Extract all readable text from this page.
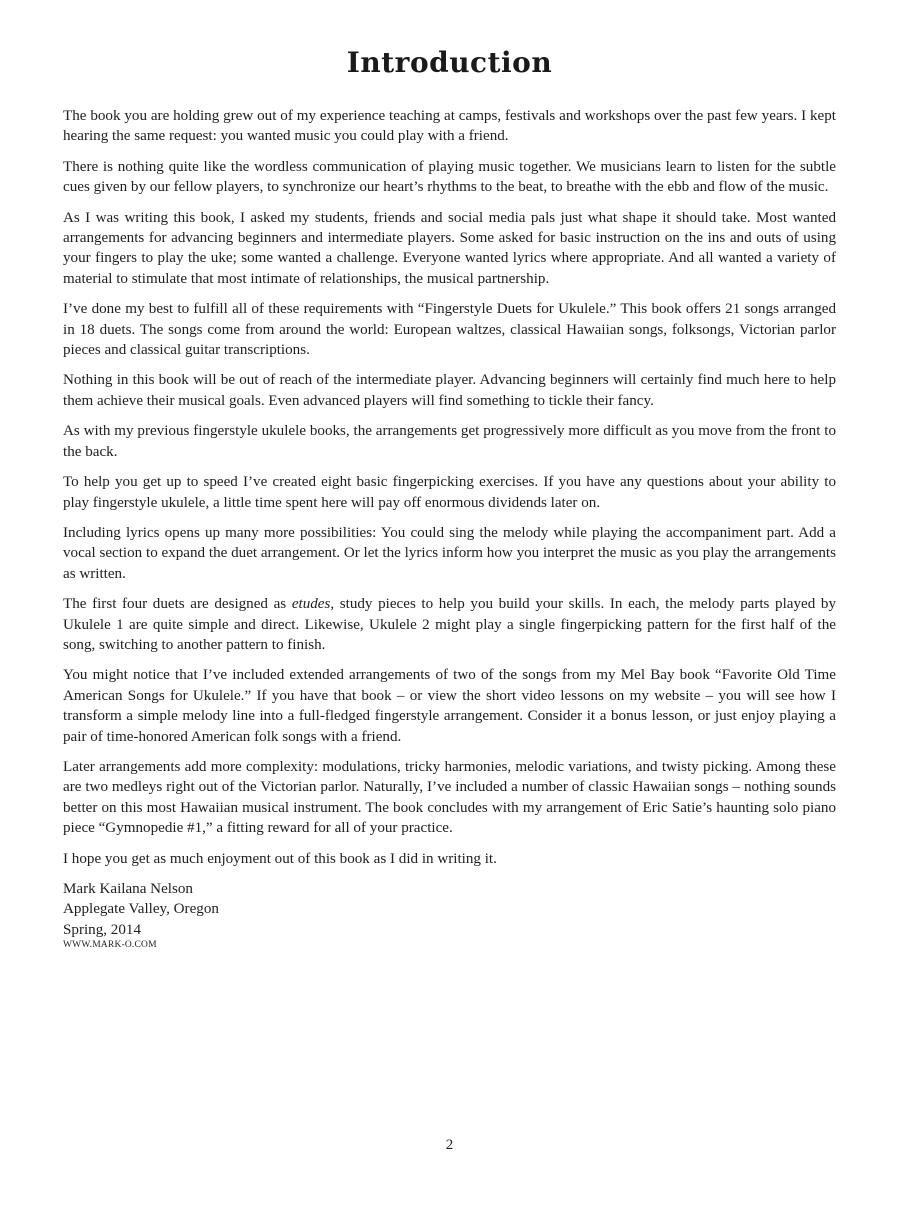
Introduction

The book you are holding grew out of my experience teaching at camps, festivals and workshops over the past few years. I kept hearing the same request: you wanted music you could play with a friend.

There is nothing quite like the wordless communication of playing music together. We musicians learn to listen for the subtle cues given by our fellow players, to synchronize our heart’s rhythms to the beat, to breathe with the ebb and flow of the music.

As I was writing this book, I asked my students, friends and social media pals just what shape it should take. Most wanted arrangements for advancing beginners and intermediate players. Some asked for basic instruction on the ins and outs of using your fingers to play the uke; some wanted a challenge. Everyone wanted lyrics where appropriate. And all wanted a variety of material to stimulate that most intimate of relationships, the musical partnership.

I’ve done my best to fulfill all of these requirements with “Fingerstyle Duets for Ukulele.” This book offers 21 songs arranged in 18 duets. The songs come from around the world: European waltzes, classical Hawaiian songs, folksongs, Victorian parlor pieces and classical guitar transcriptions.

Nothing in this book will be out of reach of the intermediate player. Advancing beginners will certainly find much here to help them achieve their musical goals. Even advanced players will find something to tickle their fancy.

As with my previous fingerstyle ukulele books, the arrangements get progressively more difficult as you move from the front to the back.

To help you get up to speed I’ve created eight basic fingerpicking exercises. If you have any questions about your ability to play fingerstyle ukulele, a little time spent here will pay off enormous dividends later on.

Including lyrics opens up many more possibilities: You could sing the melody while playing the accompaniment part. Add a vocal section to expand the duet arrangement. Or let the lyrics inform how you interpret the music as you play the arrangements as written.

The first four duets are designed as etudes, study pieces to help you build your skills. In each, the melody parts played by Ukulele 1 are quite simple and direct. Likewise, Ukulele 2 might play a single fingerpicking pattern for the first half of the song, switching to another pattern to finish.

You might notice that I’ve included extended arrangements of two of the songs from my Mel Bay book “Favorite Old Time American Songs for Ukulele.” If you have that book – or view the short video lessons on my website – you will see how I transform a simple melody line into a full-fledged fingerstyle arrangement. Consider it a bonus lesson, or just enjoy playing a pair of time-honored American folk songs with a friend.

Later arrangements add more complexity: modulations, tricky harmonies, melodic variations, and twisty picking. Among these are two medleys right out of the Victorian parlor. Naturally, I’ve included a number of classic Hawaiian songs – nothing sounds better on this most Hawaiian musical instrument. The book concludes with my arrangement of Eric Satie’s haunting solo piano piece “Gymnopedie #1,” a fitting reward for all of your practice.

I hope you get as much enjoyment out of this book as I did in writing it.

Mark Kailana Nelson
Applegate Valley, Oregon
Spring, 2014
WWW.MARK-O.COM
2
